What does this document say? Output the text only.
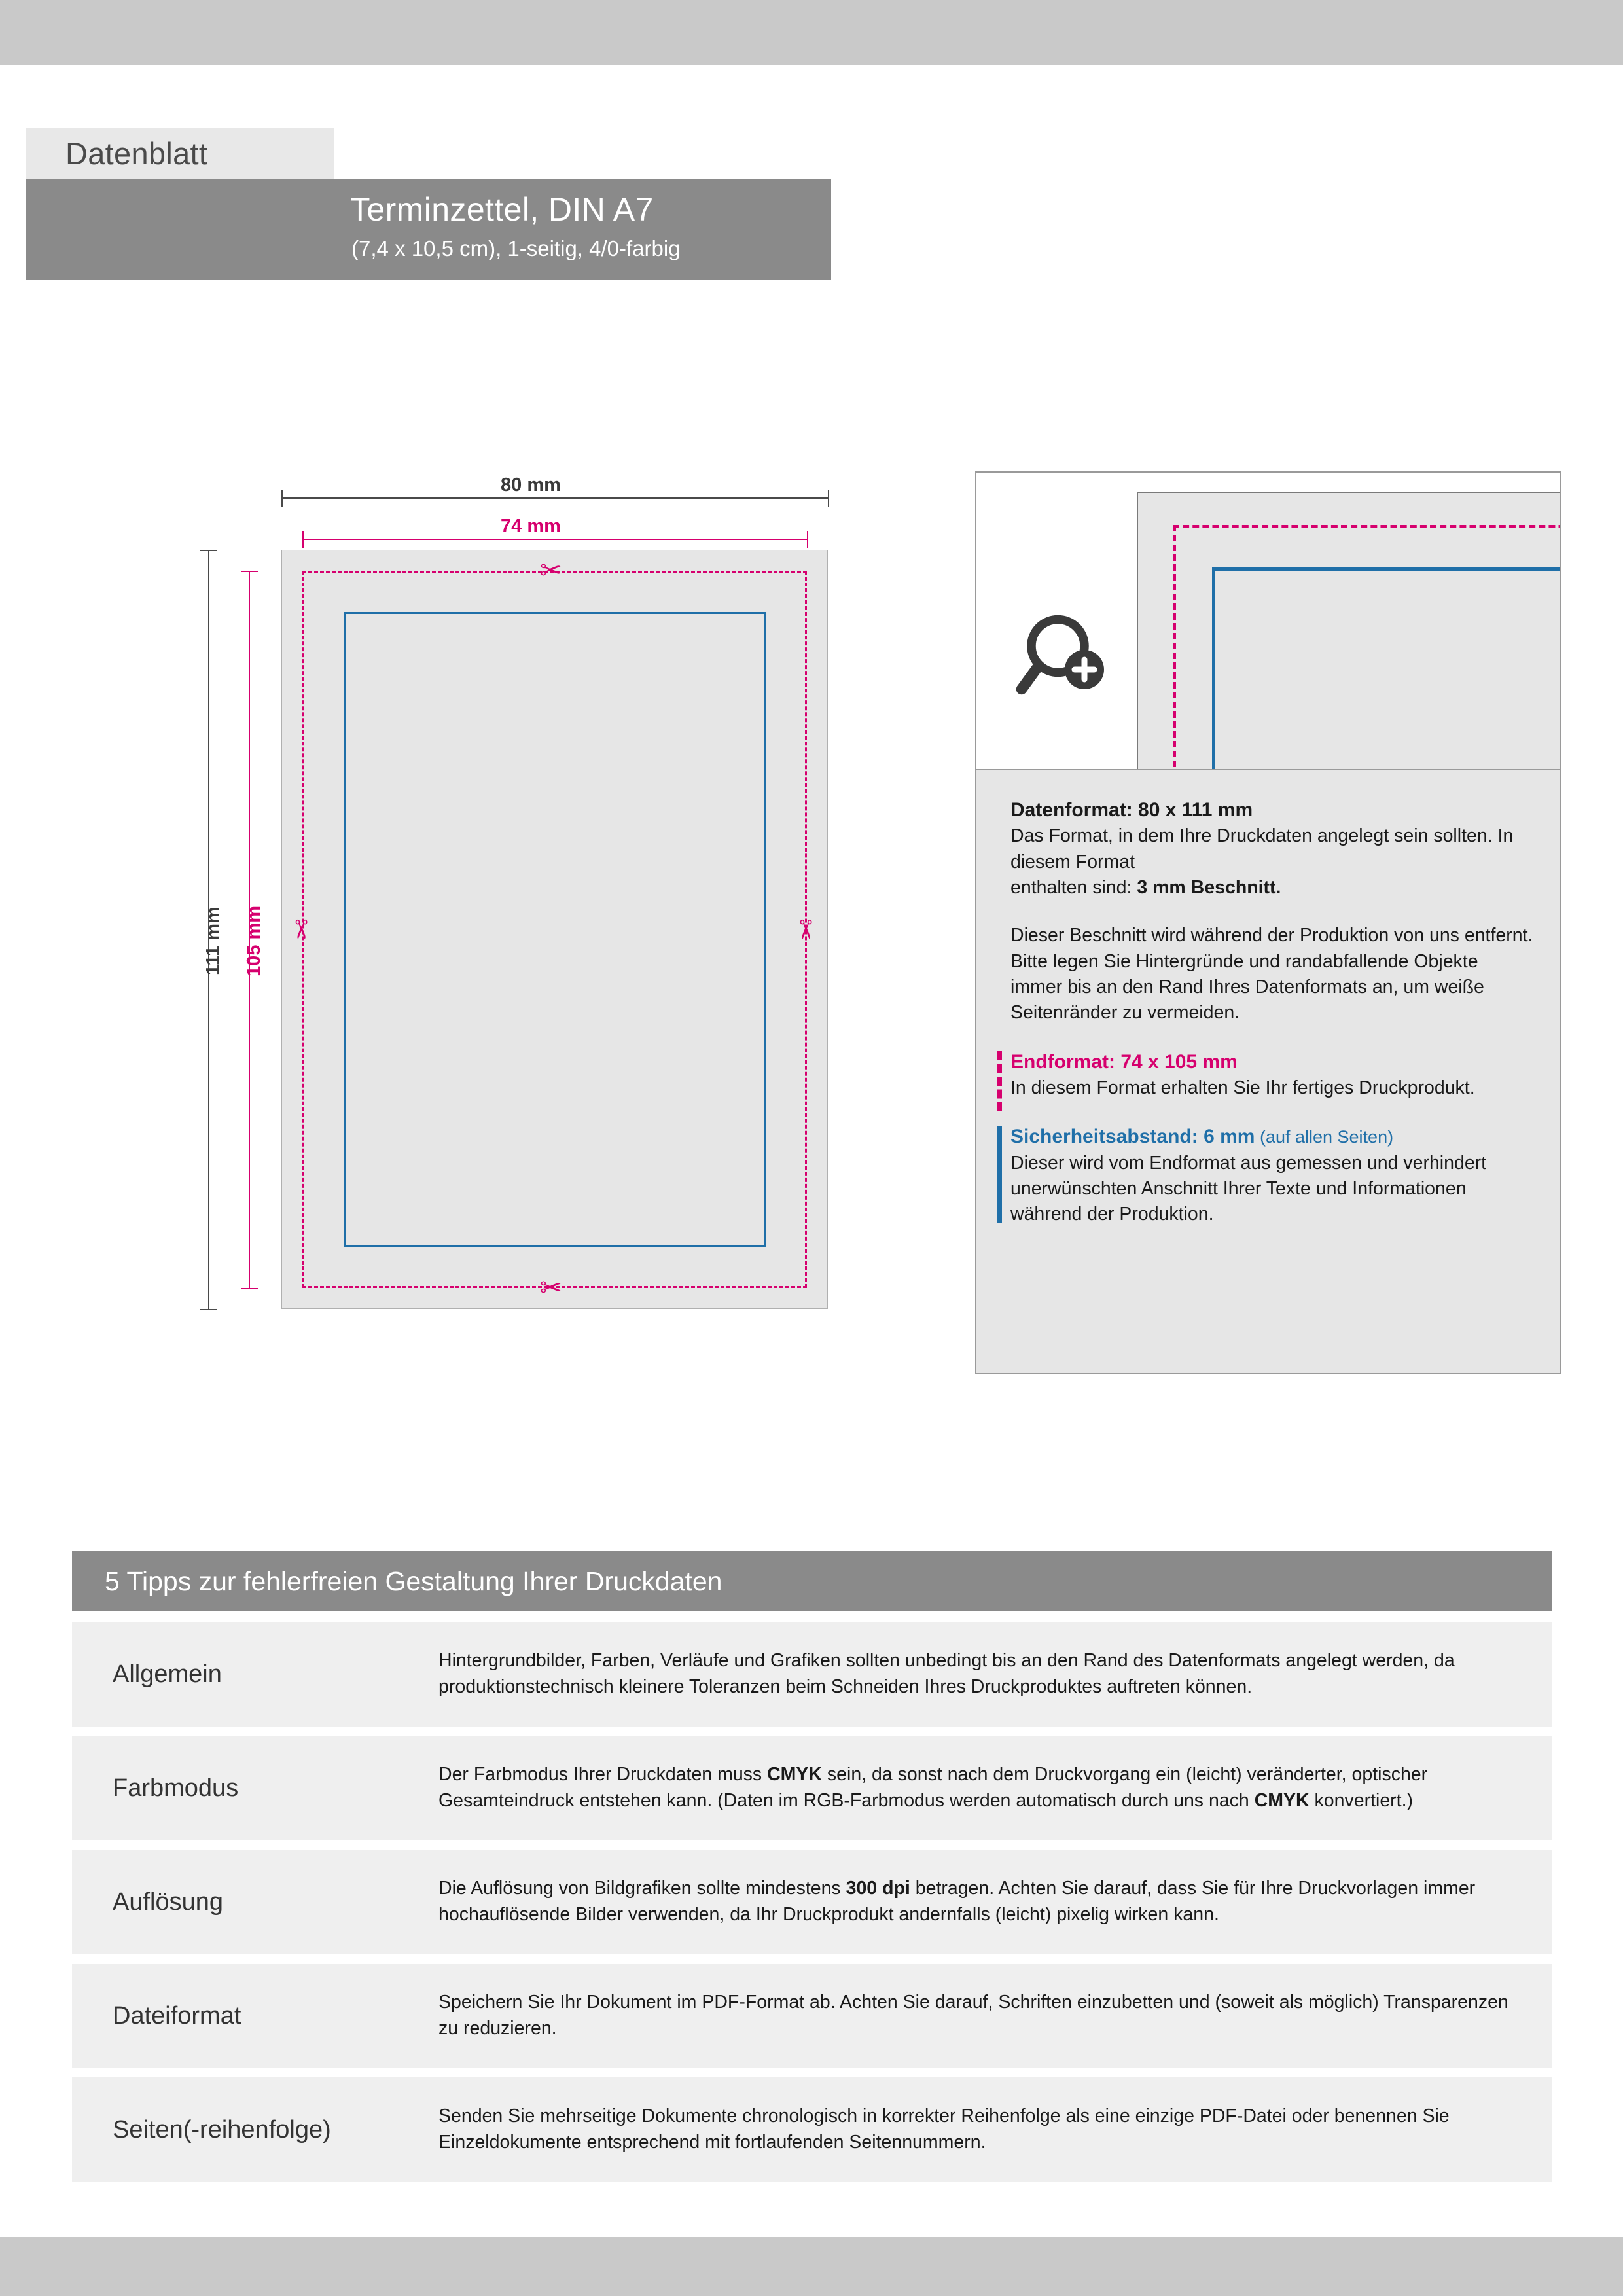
Datenblatt
Terminzettel, DIN A7
(7,4 x 10,5 cm), 1-seitig, 4/0-farbig
80 mm
74 mm
111 mm 105 mm
✂
✂
✂	✂

Datenformat: 80 x 111 mm

Das Format, in dem Ihre Druckdaten angelegt sein sollten. In diesem Format

enthalten sind: 3 mm Beschnitt.

Dieser Beschnitt wird während der Produktion von uns entfernt.

Bitte legen Sie Hintergründe und randabfallende Objekte immer bis an den Rand Ihres Datenformats an, um weiße Seitenränder zu vermeiden.

Endformat: 74 x 105 mm

In diesem Format erhalten Sie Ihr fertiges Druckprodukt.

Sicherheitsabstand: 6 mm (auf allen Seiten)

Dieser wird vom Endformat aus gemessen und verhindert unerwünschten Anschnitt Ihrer Texte und Informationen während der Produktion.

5 Tipps zur fehlerfreien Gestaltung Ihrer Druckdaten
Allgemein	Hintergrundbilder, Farben, Verläufe und Grafiken sollten unbedingt bis an den Rand des Datenformats angelegt werden, da produktionstechnisch kleinere Toleranzen beim Schneiden Ihres Druckproduktes auftreten können.
Farbmodus	Der Farbmodus Ihrer Druckdaten muss CMYK sein, da sonst nach dem Druckvorgang ein (leicht) veränderter, optischer Gesamteindruck entstehen kann. (Daten im RGB-Farbmodus werden automatisch durch uns nach CMYK konvertiert.)
Auflösung	Die Auflösung von Bildgrafiken sollte mindestens 300 dpi betragen. Achten Sie darauf, dass Sie für Ihre Druckvorlagen immer hochauflösende Bilder verwenden, da Ihr Druckprodukt andernfalls (leicht) pixelig wirken kann.
Dateiformat	Speichern Sie Ihr Dokument im PDF-Format ab. Achten Sie darauf, Schriften einzubetten und (soweit als möglich) Transparenzen zu reduzieren.
Seiten(-reihenfolge)	Senden Sie mehrseitige Dokumente chronologisch in korrekter Reihenfolge als eine einzige PDF-Datei oder benennen Sie Einzeldokumente entsprechend mit fortlaufenden Seitennummern.
